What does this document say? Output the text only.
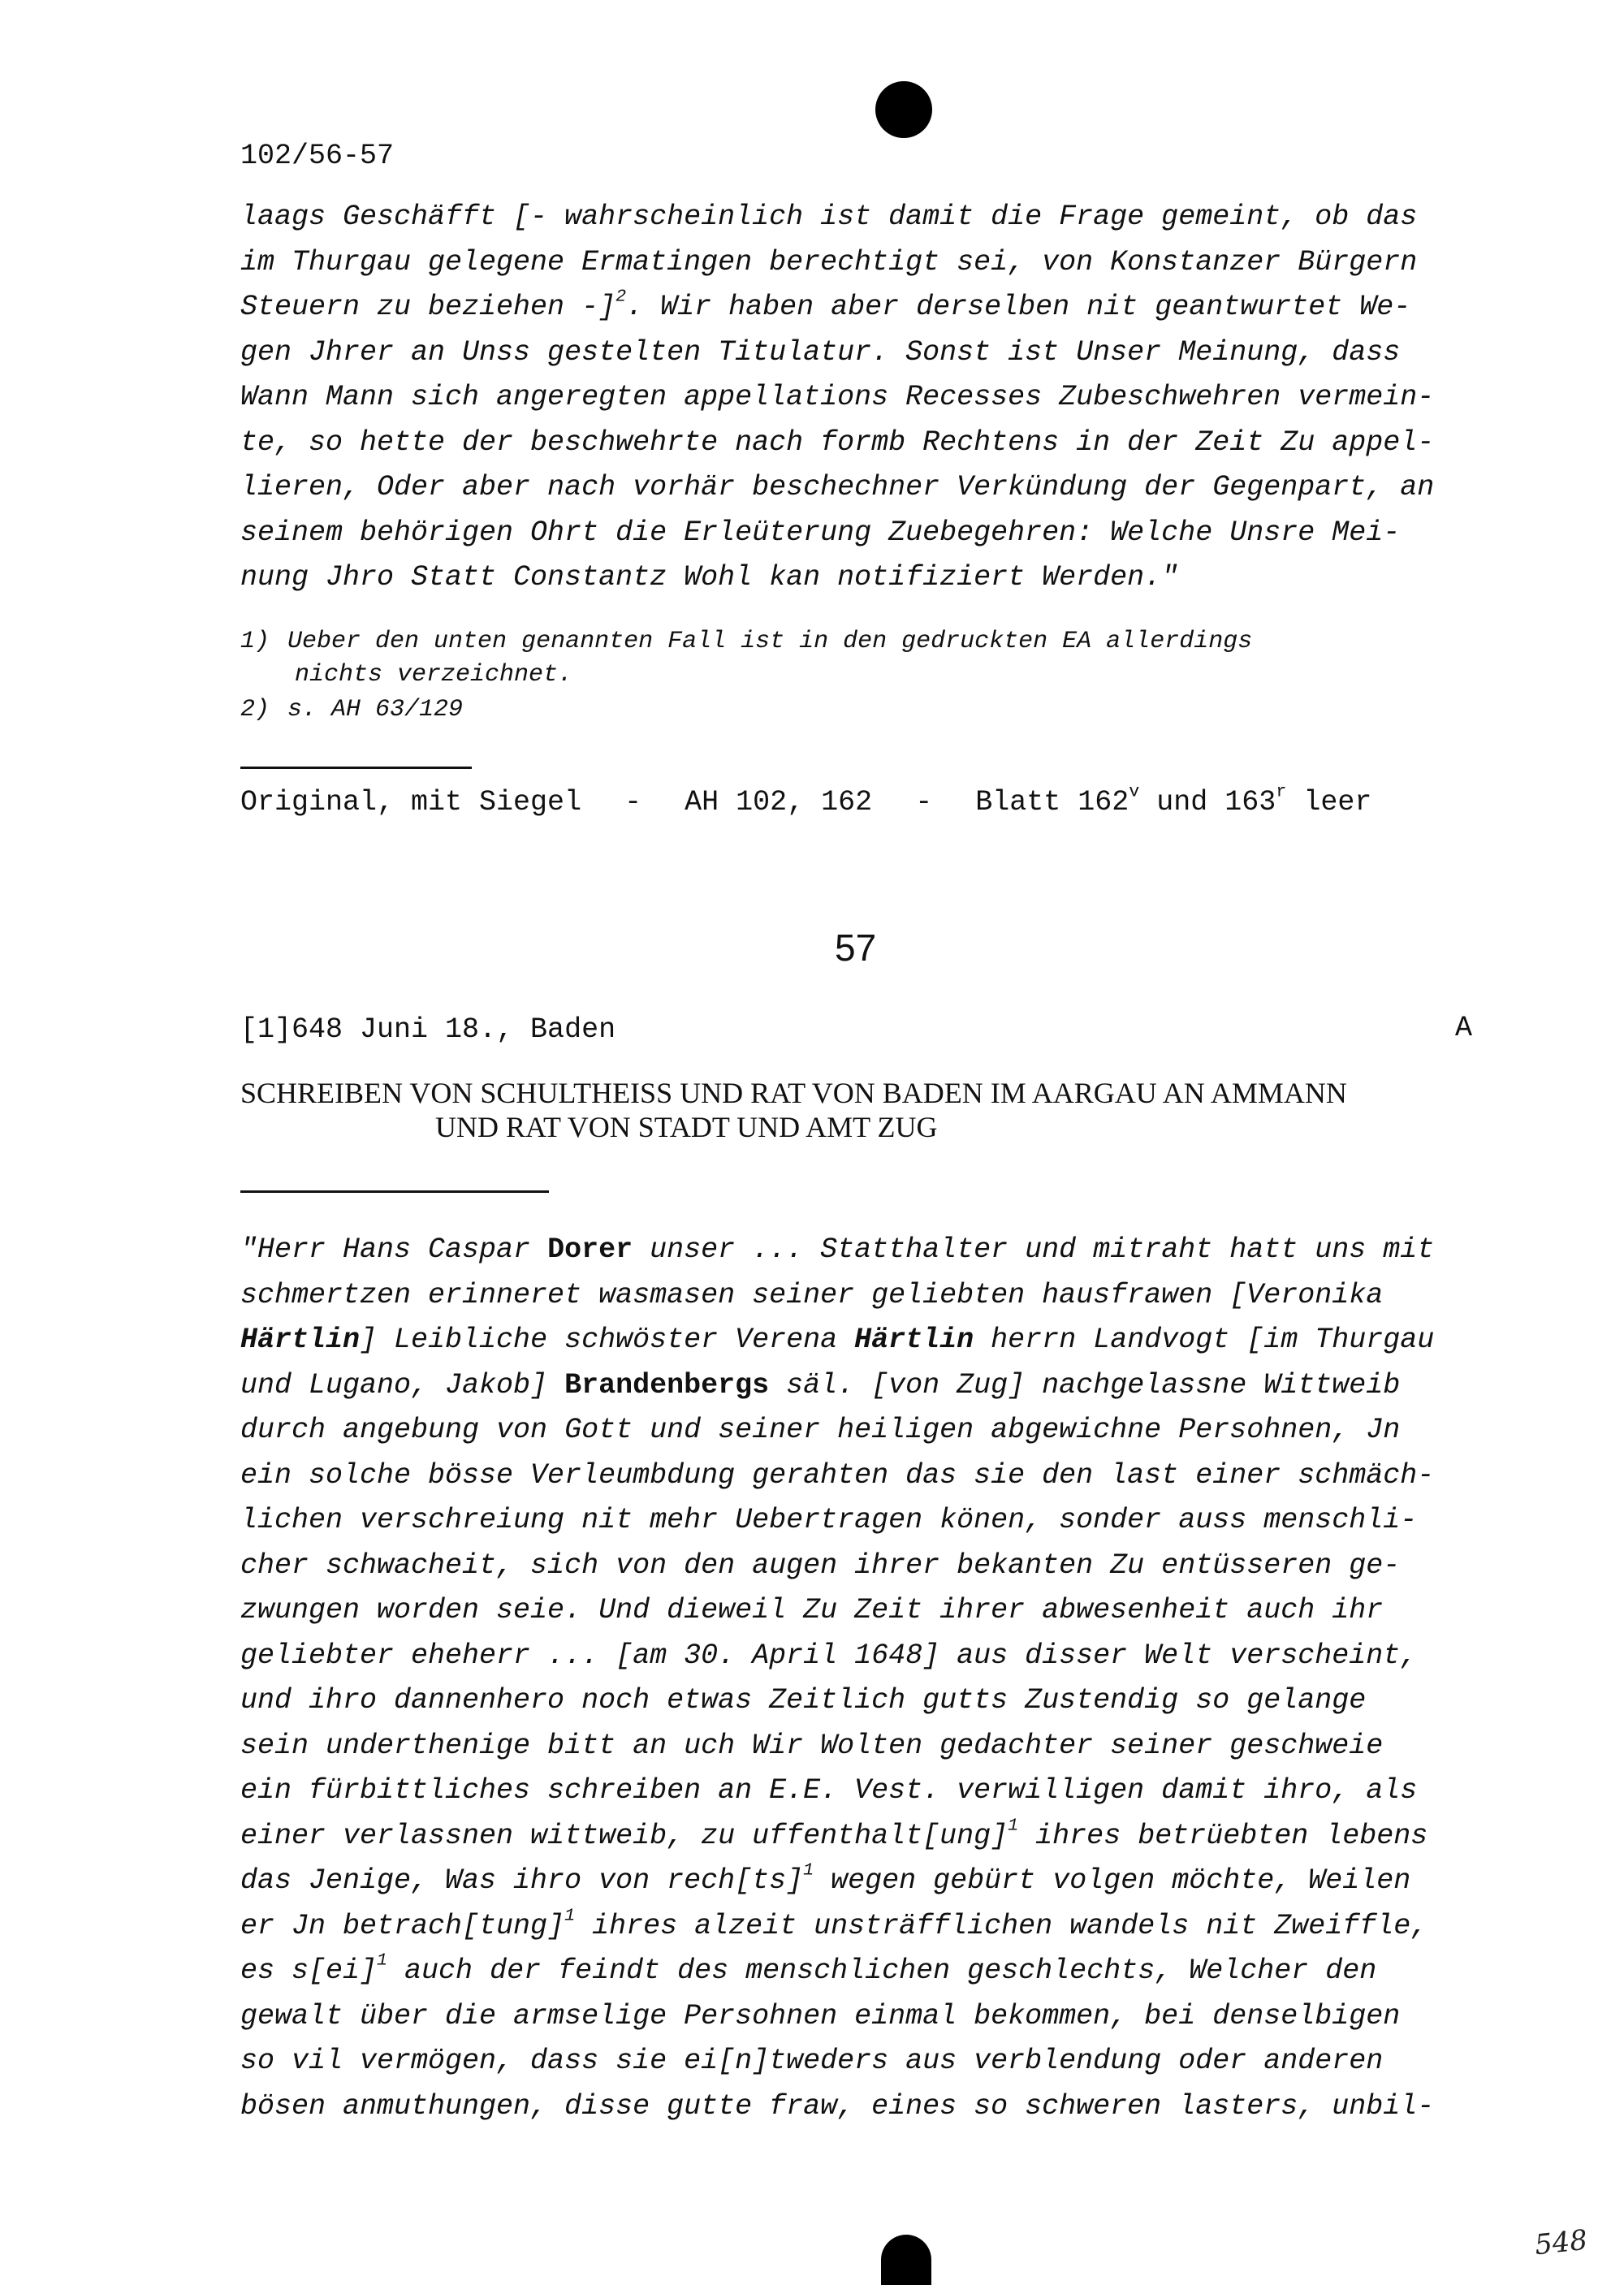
102/56-57
laags Geschäfft [- wahrscheinlich ist damit die Frage gemeint, ob das
im Thurgau gelegene Ermatingen berechtigt sei, von Konstanzer Bürgern
Steuern zu beziehen -]$^2$. Wir haben aber derselben nit geantwurtet We-
gen Jhrer an Unss gestelten Titulatur. Sonst ist Unser Meinung, dass
Wann Mann sich angeregten appellations Recesses Zubeschwehren vermein-
te, so hette der beschwehrte nach formb Rechtens in der Zeit Zu appel-
lieren, Oder aber nach vorhär beschechner Verkündung der Gegenpart, an
seinem behörigen Ohrt die Erleüterung Zuebegehren: Welche Unsre Mei-
nung Jhro Statt Constantz Wohl kan notifiziert Werden."
1) Ueber den unten genannten Fall ist in den gedruckten EA allerdings
nichts verzeichnet.
2) s. AH 63/129
Original, mit Siegel - AH 102, 162 - Blatt 162$^v$ und 163$^r$ leer
57
[1]648 Juni 18., Baden	A
SCHREIBEN VON SCHULTHEISS UND RAT VON BADEN IM AARGAU AN AMMANN
UND RAT VON STADT UND AMT ZUG
"Herr Hans Caspar Dorer unser ... Statthalter und mitraht hatt uns mit
schmertzen erinneret wasmasen seiner geliebten hausfrawen [Veronika
Härtlin] Leibliche schwöster Verena Härtlin herrn Landvogt [im Thurgau
und Lugano, Jakob] Brandenbergs säl. [von Zug] nachgelassne Wittweib
durch angebung von Gott und seiner heiligen abgewichne Persohnen, Jn
ein solche bösse Verleumbdung gerahten das sie den last einer schmäch-
lichen verschreiung nit mehr Uebertragen könen, sonder auss menschli-
cher schwacheit, sich von den augen ihrer bekanten Zu entüsseren ge-
zwungen worden seie. Und dieweil Zu Zeit ihrer abwesenheit auch ihr
geliebter eheherr ... [am 30. April 1648] aus disser Welt verscheint,
und ihro dannenhero noch etwas Zeitlich gutts Zustendig so gelange
sein underthenige bitt an uch Wir Wolten gedachter seiner geschweie
ein fürbittliches schreiben an E.E. Vest. verwilligen damit ihro, als
einer verlassnen wittweib, zu uffenthalt[ung]$^1$ ihres betrüebten lebens
das Jenige, Was ihro von rech[ts]$^1$ wegen gebürt volgen möchte, Weilen
er Jn betrach[tung]$^1$ ihres alzeit unsträfflichen wandels nit Zweiffle,
es s[ei]$^1$ auch der feindt des menschlichen geschlechts, Welcher den
gewalt über die armselige Persohnen einmal bekommen, bei denselbigen
so vil vermögen, dass sie ei[n]tweders aus verblendung oder anderen
bösen anmuthungen, disse gutte fraw, eines so schweren lasters, unbil-
548
